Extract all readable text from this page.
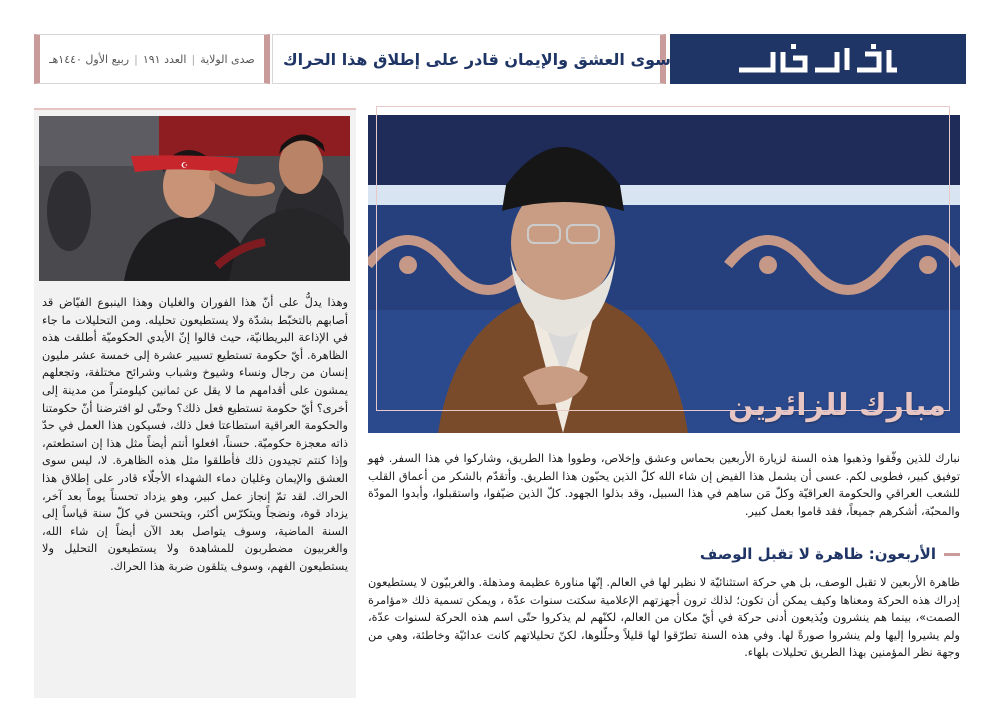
ليس سوى العشق والإيمان قادر على إطلاق هذا الحراك
صدى الولاية
|
العدد ١٩١
|
ربيع الأول ١٤٤٠هـ
☪

وهذا يدلُّ على أنّ هذا الفوران والغليان وهذا الينبوع الفيّاض قد أصابهم بالتخبّط بشدّة ولا يستطيعون تحليله. ومن التحليلات ما جاء في الإذاعة البريطانيّة، حيث قالوا إنّ الأيدي الحكوميّة أطلقت هذه الظاهرة. أيّ حكومة تستطيع تسيير عشرة إلى خمسة عشر مليون إنسان من رجال ونساء وشيوخ وشباب وشرائح مختلفة، وتجعلهم يمشون على أقدامهم ما لا يقل عن ثمانين كيلومتراً من مدينة إلى أخرى؟ أيّ حكومة تستطيع فعل ذلك؟ وحتّى لو افترضنا أنّ حكومتنا والحكومة العراقية استطاعتا فعل ذلك، فسيكون هذا العمل في حدّ ذاته معجزة حكوميّة. حسناً، افعلوا أنتم أيضاً مثل هذا إن استطعتم، وإذا كنتم تجيدون ذلك فأطلقوا مثل هذه الظاهرة. لا، ليس سوى العشق والإيمان وغليان دماء الشهداء الأجلّاء قادر على إطلاق هذا الحراك. لقد تمّ إنجاز عمل كبير، وهو يزداد تحسناً يوماً بعد آخر، يزداد قوة، ونضجاً ويتكرّس أكثر، ويتحسن في كلّ سنة قياساً إلى السنة الماضية، وسوف يتواصل بعد الآن أيضاً إن شاء الله، والغربيون مضطربون للمشاهدة ولا يستطيعون التحليل ولا يستطيعون الفهم، وسوف يتلقون ضربة هذا الحراك.

مبارك للزائرين

نبارك للذين وفّقوا وذهبوا هذه السنة لزيارة الأربعين بحماس وعشق وإخلاص، وطووا هذا الطريق، وشاركوا في هذا السفر. فهو توفيق كبير، فطوبى لكم. عسى أن يشمل هذا الفيض إن شاء الله كلّ الذين يحبّون هذا الطريق. وأتقدّم بالشكر من أعماق القلب للشعب العراقي والحكومة العراقيّة وكلّ مَن ساهم في هذا السبيل، وقد بذلوا الجهود. كلّ الذين ضيّفوا، واستقبلوا، وأبدوا المودّة والمحبّة، أشكرهم جميعاً، فقد قاموا بعمل كبير.

الأربعون: ظاهرة لا تقبل الوصف

ظاهرة الأربعين لا تقبل الوصف، بل هي حركة استثنائيّة لا نظير لها في العالم. إنّها مناورة عظيمة ومذهلة. والغربيّون لا يستطيعون إدراك هذه الحركة ومعناها وكيف يمكن أن تكون؛ لذلك ترون أجهزتهم الإعلامية سكتت سنوات عدّة ، ويمكن تسمية ذلك «مؤامرة الصمت»، بينما هم ينشرون ويُذيعون أدنى حركة في أيّ مكان من العالم، لكنّهم لم يذكروا حتّى اسم هذه الحركة لسنوات عدّة، ولم يشيروا إليها ولم ينشروا صورةً لها. وفي هذه السنة تطرّقوا لها قليلاً وحلّلوها، لكنّ تحليلاتهم كانت عدائيّة وخاطئة، وهي من وجهة نظر المؤمنين بهذا الطريق تحليلات بلهاء.
